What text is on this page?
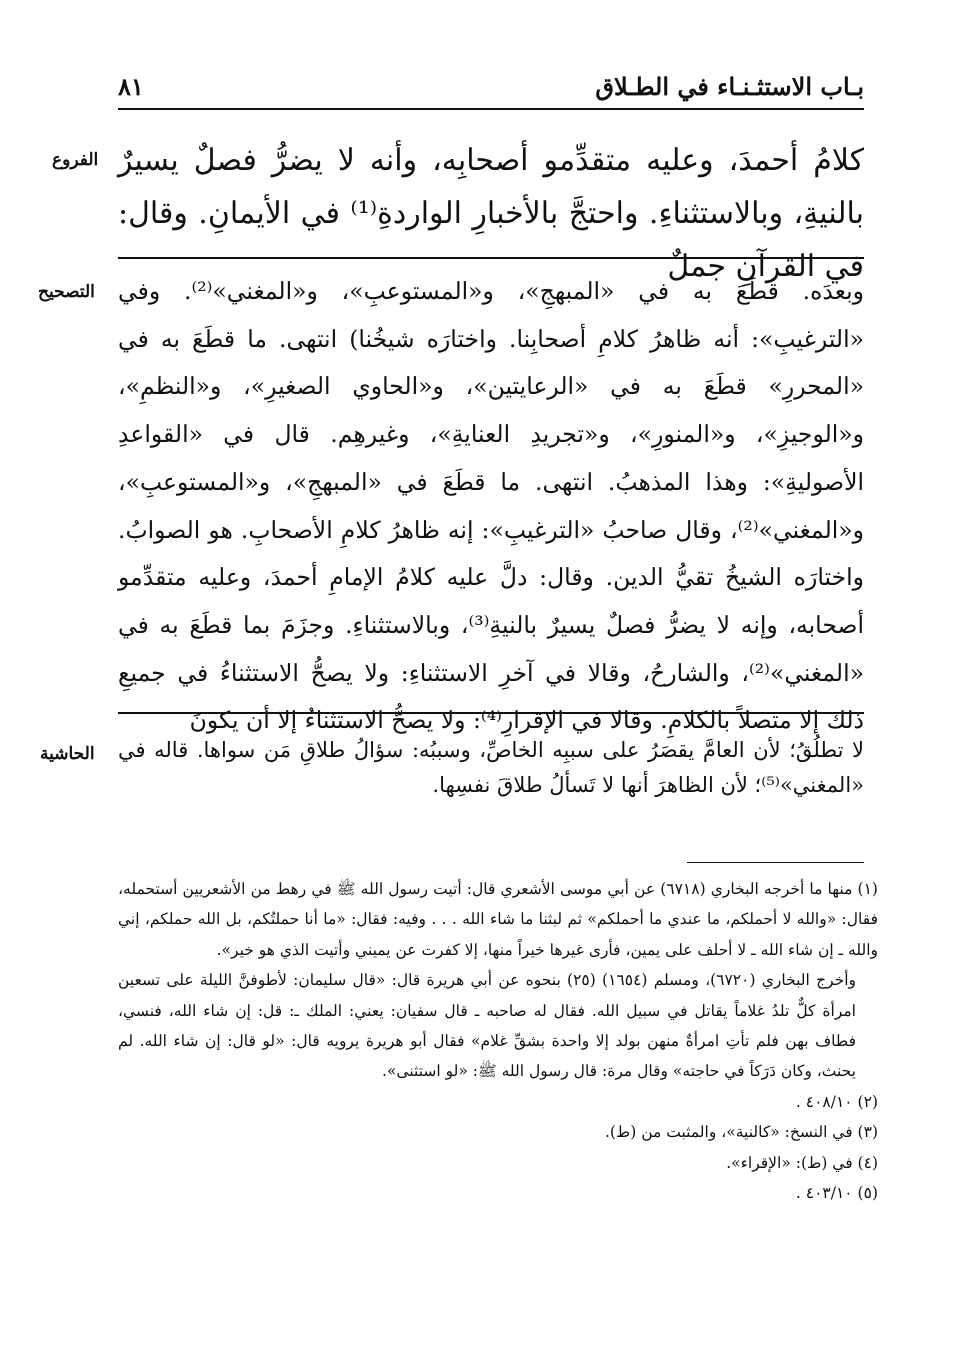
بـاب الاستثـنـاء في الطـلاق
٨١
الفروع كلامُ أحمدَ، وعليه متقدِّمو أصحابِه، وأنه لا يضرُّ فصلٌ يسيرٌ بالنيةِ، وبالاستثناءِ. واحتجَّ بالأخبارِ الواردةِ⁽¹⁾ في الأيمانِ. وقال: في القرآنِ جملٌ

التصحيح وبعدَه. قطَعَ به في «المبهجِ»، و«المستوعبِ»، و«المغني»⁽²⁾. وفي «الترغيبِ»: أنه ظاهرُ كلامِ أصحابِنا. واختارَه شيخُنا) انتهى. ما قطَعَ به في «المحررِ» قطَعَ به في «الرعايتين»، و«الحاوي الصغيرِ»، و«النظمِ»، و«الوجيزِ»، و«المنورِ»، و«تجريدِ العنايةِ»، وغيرهِم. قال في «القواعدِ الأصوليةِ»: وهذا المذهبُ. انتهى. ما قطَعَ في «المبهجِ»، و«المستوعبِ»، و«المغني»⁽²⁾، وقال صاحبُ «الترغيبِ»: إنه ظاهرُ كلامِ الأصحابِ. هو الصوابُ. واختارَه الشيخُ تقيُّ الدين. وقال: دلَّ عليه كلامُ الإمامِ أحمدَ، وعليه متقدِّمو أصحابه، وإنه لا يضرُّ فصلٌ يسيرٌ بالنيةِ⁽³⁾، وبالاستثناءِ. وجزَمَ بما قطَعَ به في «المغني»⁽²⁾، والشارحُ، وقالا في آخرِ الاستثناءِ: ولا يصحُّ الاستثناءُ في جميعِ ذلك إلا متصلاً بالكلامِ. وقالا في الإقرارِ⁽⁴⁾: ولا يصحُّ الاستثناءُ إلا أن يكونَ

الحاشية لا تطلُقُ؛ لأن العامَّ يقصَرُ على سببِه الخاصِّ، وسببُه: سؤالُ طلاقِ مَن سواها. قاله في «المغني»⁽⁵⁾؛ لأن الظاهرَ أنها لا تَسألُ طلاقَ نفسِها.

(١) منها ما أخرجه البخاري (٦٧١٨) عن أبي موسى الأشعري قال: أتيت رسول الله ﷺ في رهط من الأشعريين أستحمله، فقال: «والله لا أحملكم، ما عندي ما أحملكم» ثم لبثنا ما شاء الله . . . وفيه: فقال: «ما أنا حملتُكم، بل الله حملكم، إني والله ـ إن شاء الله ـ لا أحلف على يمين، فأرى غيرها خيراً منها، إلا كفرت عن يميني وأتيت الذي هو خير».

وأخرج البخاري (٦٧٢٠)، ومسلم (١٦٥٤) (٢٥) بنحوه عن أبي هريرة قال: «قال سليمان: لأطوفنَّ الليلة على تسعين امرأة كلٌّ تلدُ غلاماً يقاتل في سبيل الله. فقال له صاحبه ـ قال سفيان: يعني: الملك ـ: قل: إن شاء الله، فنسي، فطاف بهن فلم تأتِ امرأةٌ منهن بولد إلا واحدة بشقِّ غلام» فقال أبو هريرة يرويه قال: «لو قال: إن شاء الله. لم يحنث، وكان دَرَكاً في حاجته» وقال مرة: قال رسول الله ﷺ: «لو استثنى».

(٢) ٤٠٨/١٠ .

(٣) في النسخ: «كالنية»، والمثبت من (ط).

(٤) في (ط): «الإقراء».

(٥) ٤٠٣/١٠ .
